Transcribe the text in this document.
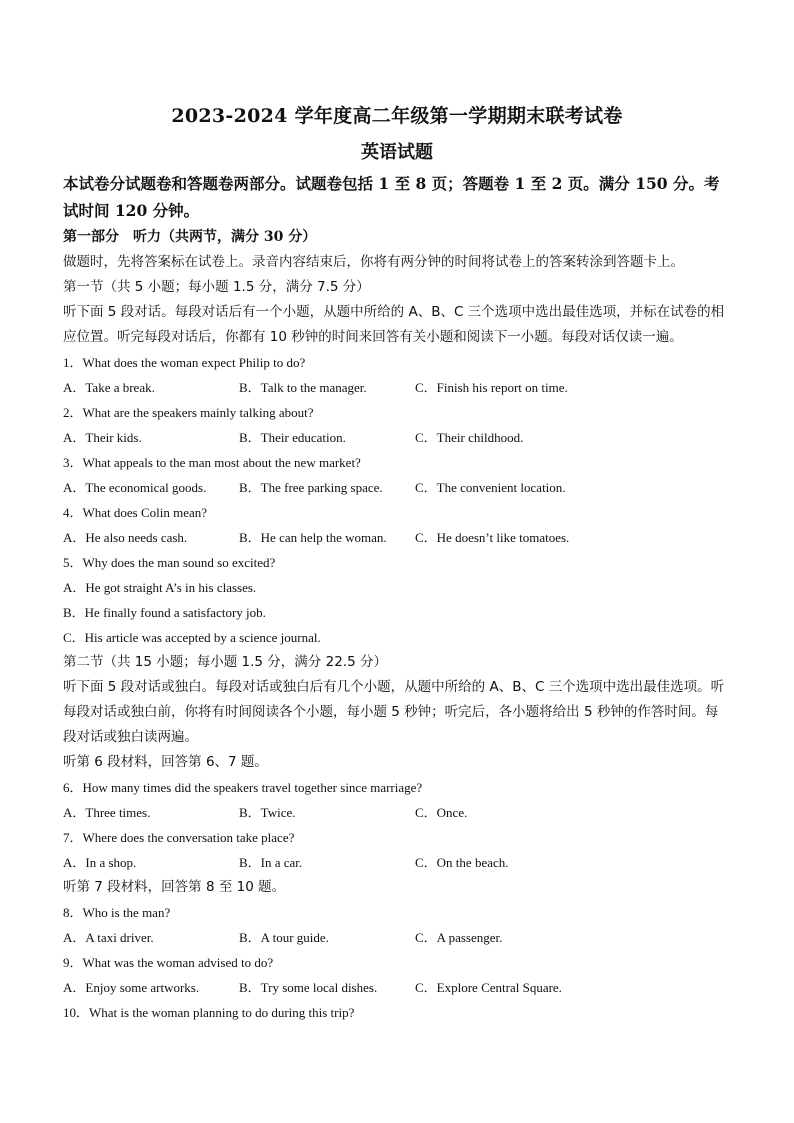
2023-2024 学年度高二年级第一学期期末联考试卷
英语试题

本试卷分试题卷和答题卷两部分。试题卷包括 1 至 8 页；答题卷 1 至 2 页。满分 150 分。考试时间 120 分钟。

第一部分　听力（共两节，满分 30 分）

做题时，先将答案标在试卷上。录音内容结束后，你将有两分钟的时间将试卷上的答案转涂到答题卡上。

第一节（共 5 小题；每小题 1.5 分，满分 7.5 分）

听下面 5 段对话。每段对话后有一个小题，从题中所给的 A、B、C 三个选项中选出最佳选项，并标在试卷的相应位置。听完每段对话后，你都有 10 秒钟的时间来回答有关小题和阅读下一小题。每段对话仅读一遍。

1．What does the woman expect Philip to do?

A．Take a break.	B．Talk to the manager.	C．Finish his report on time.

2．What are the speakers mainly talking about?

A．Their kids.	B．Their education.	C．Their childhood.

3．What appeals to the man most about the new market?

A．The economical goods.	B．The free parking space.	C．The convenient location.

4．What does Colin mean?

A．He also needs cash.	B．He can help the woman.	C．He doesn’t like tomatoes.

5．Why does the man sound so excited?

A．He got straight A’s in his classes.

B．He finally found a satisfactory job.

C．His article was accepted by a science journal.

第二节（共 15 小题；每小题 1.5 分，满分 22.5 分）

听下面 5 段对话或独白。每段对话或独白后有几个小题，从题中所给的 A、B、C 三个选项中选出最佳选项。听每段对话或独白前，你将有时间阅读各个小题，每小题 5 秒钟；听完后，各小题将给出 5 秒钟的作答时间。每段对话或独白读两遍。

听第 6 段材料，回答第 6、7 题。

6．How many times did the speakers travel together since marriage?

A．Three times.	B．Twice.	C．Once.

7．Where does the conversation take place?

A．In a shop.	B．In a car.	C．On the beach.

听第 7 段材料，回答第 8 至 10 题。

8．Who is the man?

A．A taxi driver.	B．A tour guide.	C．A passenger.

9．What was the woman advised to do?

A．Enjoy some artworks.	B．Try some local dishes.	C．Explore Central Square.

10．What is the woman planning to do during this trip?
